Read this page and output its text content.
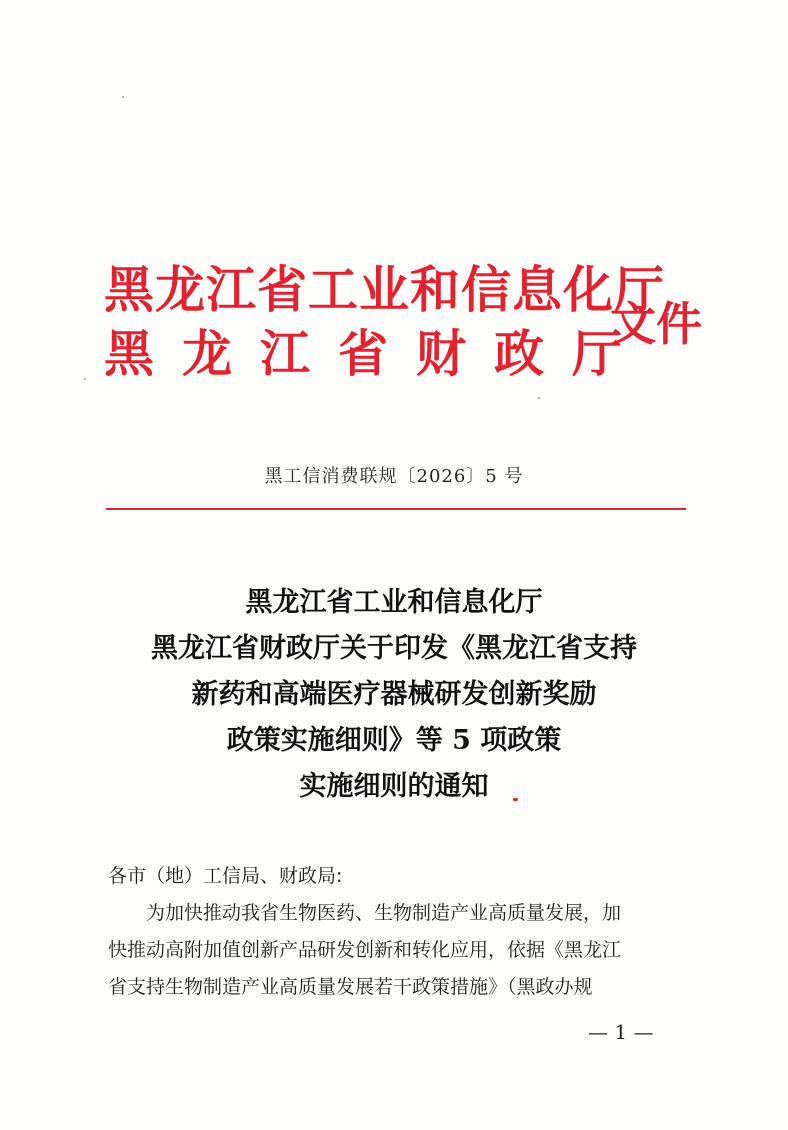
黑龙江省工业和信息化厅
黑龙江省财政厅
文件
黑工信消费联规〔2026〕5 号
黑龙江省工业和信息化厅
黑龙江省财政厅关于印发《黑龙江省支持
新药和高端医疗器械研发创新奖励
政策实施细则》等 5 项政策
实施细则的通知
各市（地）工信局、财政局:
　　为加快推动我省生物医药、生物制造产业高质量发展，加
快推动高附加值创新产品研发创新和转化应用，依据《黑龙江
省支持生物制造产业高质量发展若干政策措施》（黑政办规
— 1 —
